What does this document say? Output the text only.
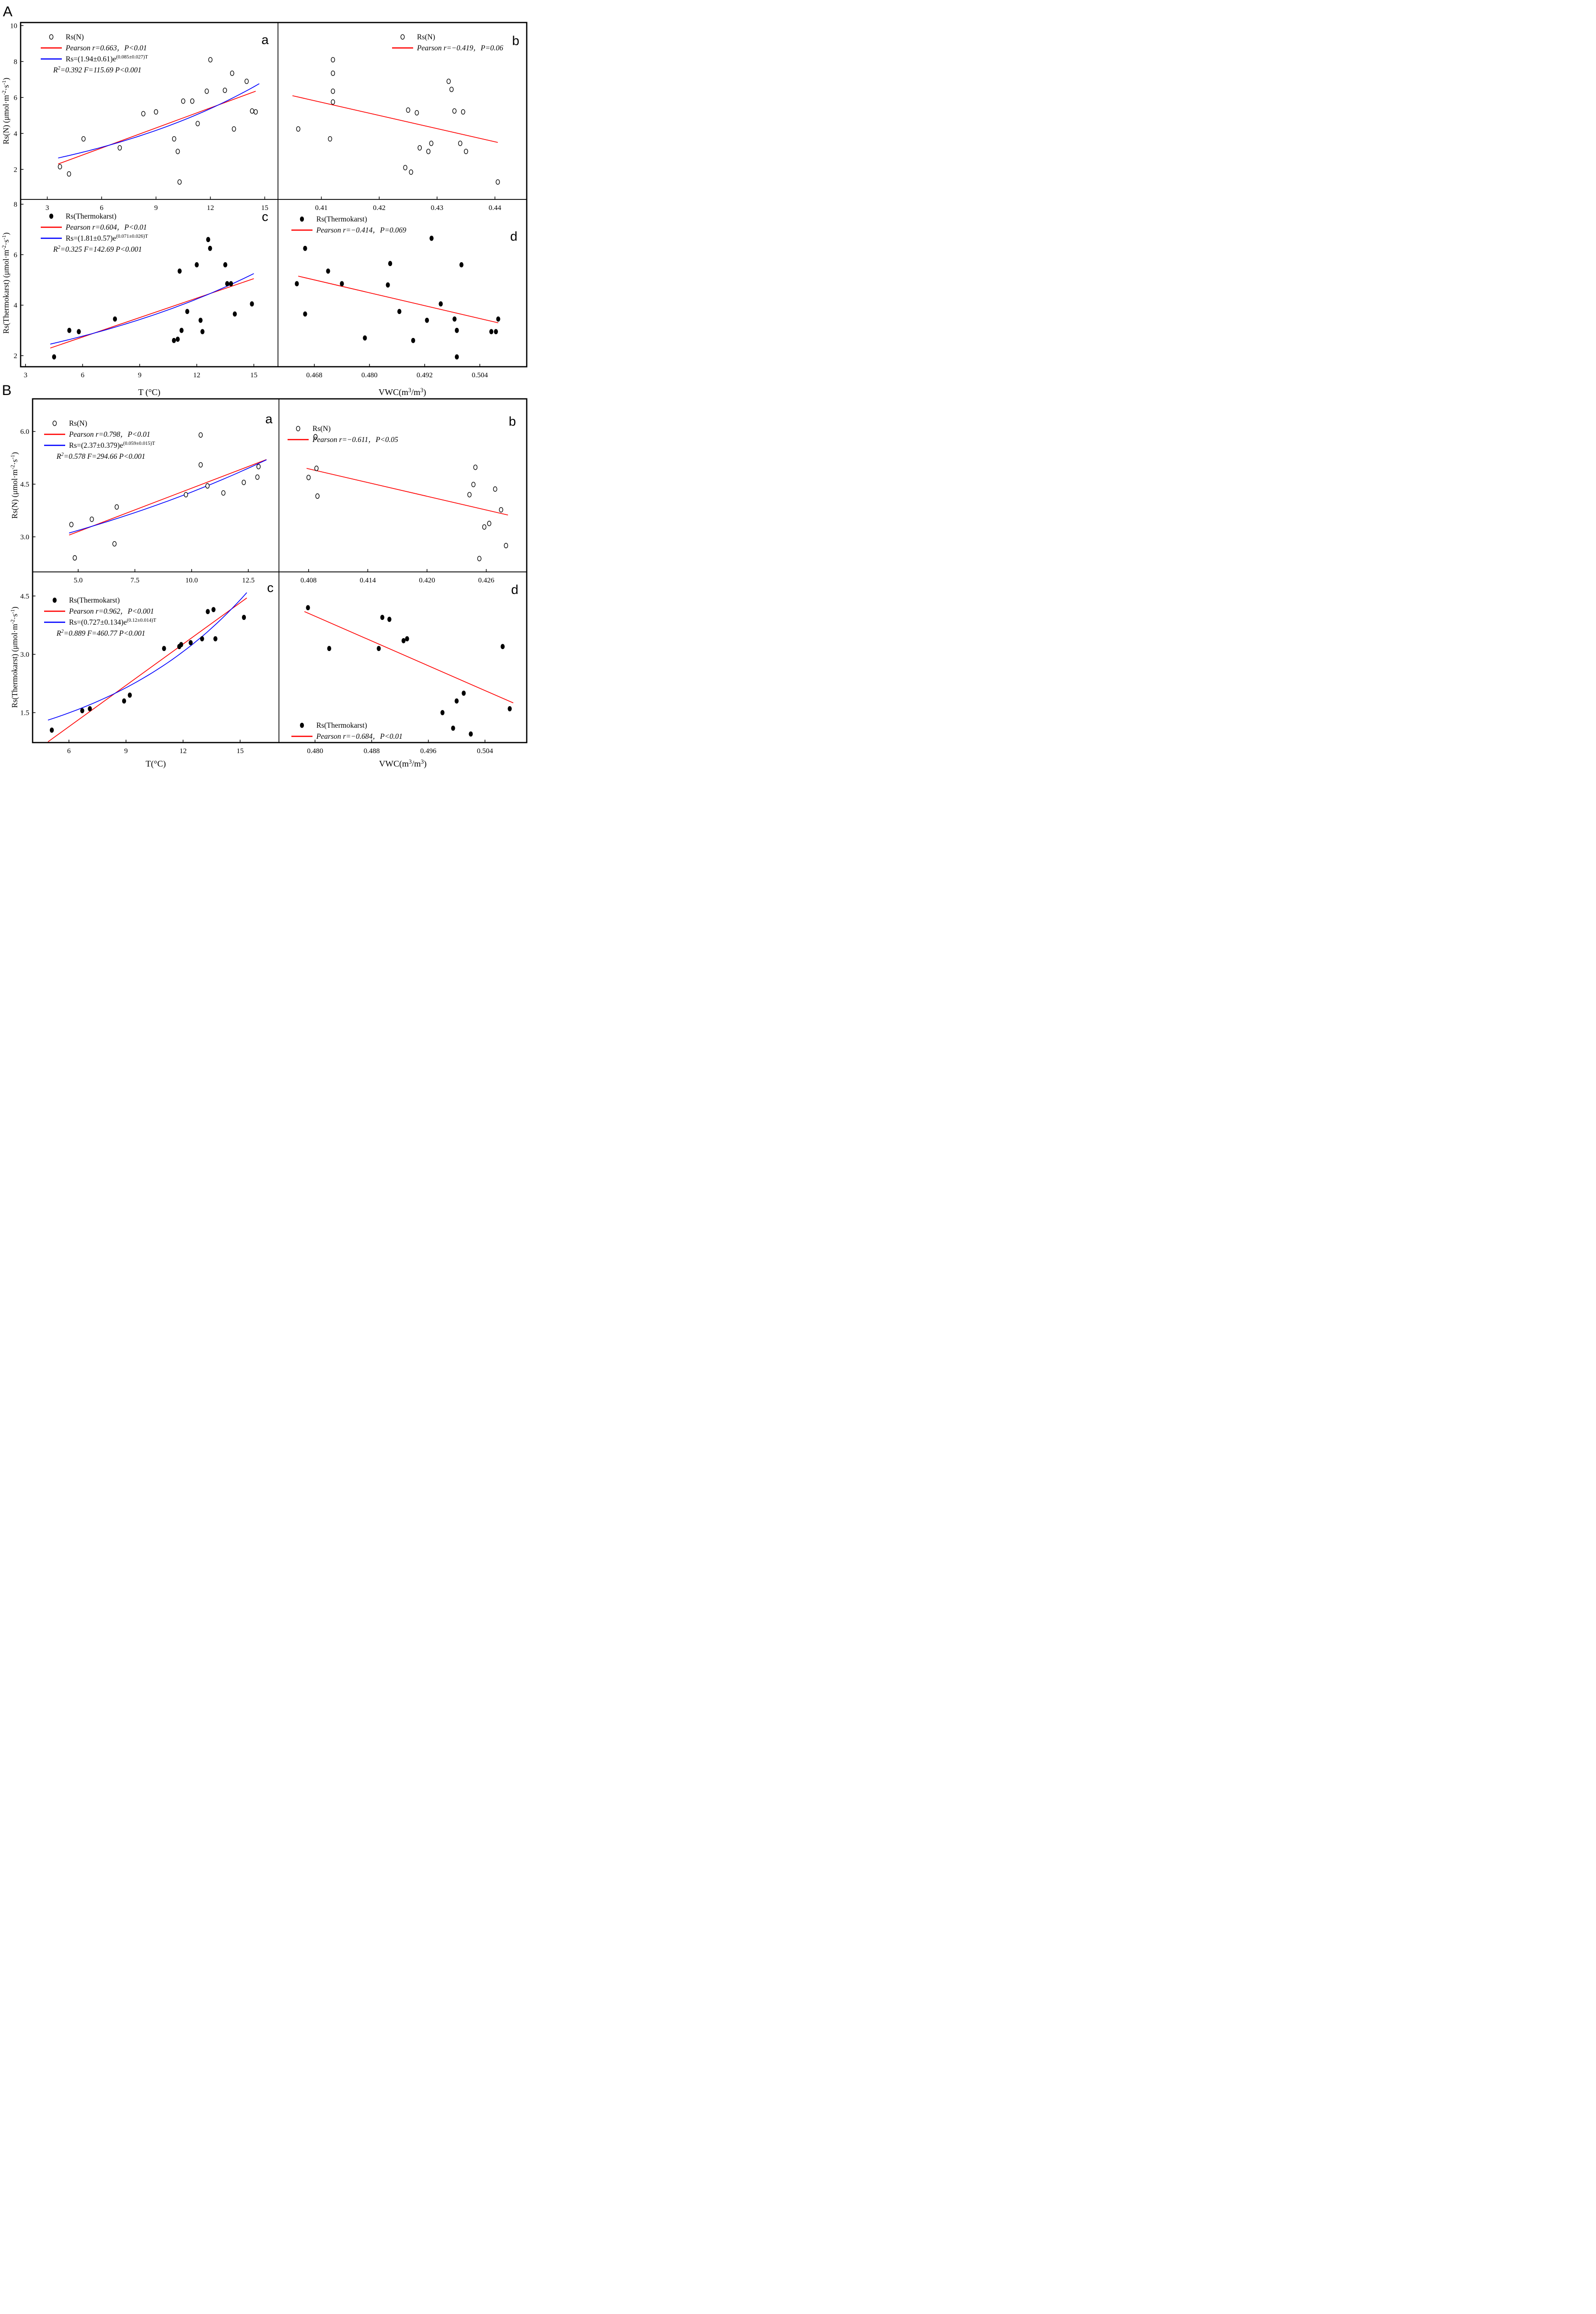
A
B
3	6	9	12	15
2
4
6
8
10
a
Rs(N) $(\mu mol\cdot m^{-2}\cdot s^{-1})$
Rs(N)
Pearson r=0.663，P<0.01
$Rs=(1.94\pm 0.61)e^{(0.085\pm 0.027)T}$
$R^2=0.392$ F=115.69 P<0.001
0.41	0.42	0.43	0.44
b
Rs(N)
Pearson r=−0.419，P=0.06
3	6	9	12	15
2
4
6
8
c
T (°C)
Rs(Thermokarst) $(\mu mol\cdot m^{-2}\cdot s^{-1})$
Rs(Thermokarst)
Pearson r=0.604，P<0.01
$Rs=(1.81\pm 0.57)e^{(0.071\pm 0.026)T}$
$R^2=0.325$ F=142.69 P<0.001
0.468	0.480	0.492	0.504
d
$VWC(m^3/m^3)$
Rs(Thermokarst)
Pearson r=−0.414，P=0.069
5.0	7.5	10.0	12.5
3.0
4.5
6.0
a
Rs(N) $(\mu mol\cdot m^{-2}\cdot s^{-1})$
Rs(N)
Pearson r=0.798，P<0.01
$Rs=(2.37\pm 0.379)e^{(0.059\pm 0.015)T}$
$R^2=0.578$ F=294.66 P<0.001
0.408	0.414	0.420	0.426
b
Rs(N)
Pearson r=−0.611，P<0.05
6	9	12	15
1.5
3.0
4.5
c
T(°C)
Rs(Thermokarst) $(\mu mol\cdot m^{-2}\cdot s^{-1})$
Rs(Thermokarst)
Pearson r=0.962，P<0.001
$Rs=(0.727\pm 0.134)e^{(0.12\pm 0.014)T}$
$R^2=0.889$ F=460.77 P<0.001
0.480	0.488	0.496	0.504
d
$VWC(m^3/m^3)$
Rs(Thermokarst)
Pearson r=−0.684，P<0.01
